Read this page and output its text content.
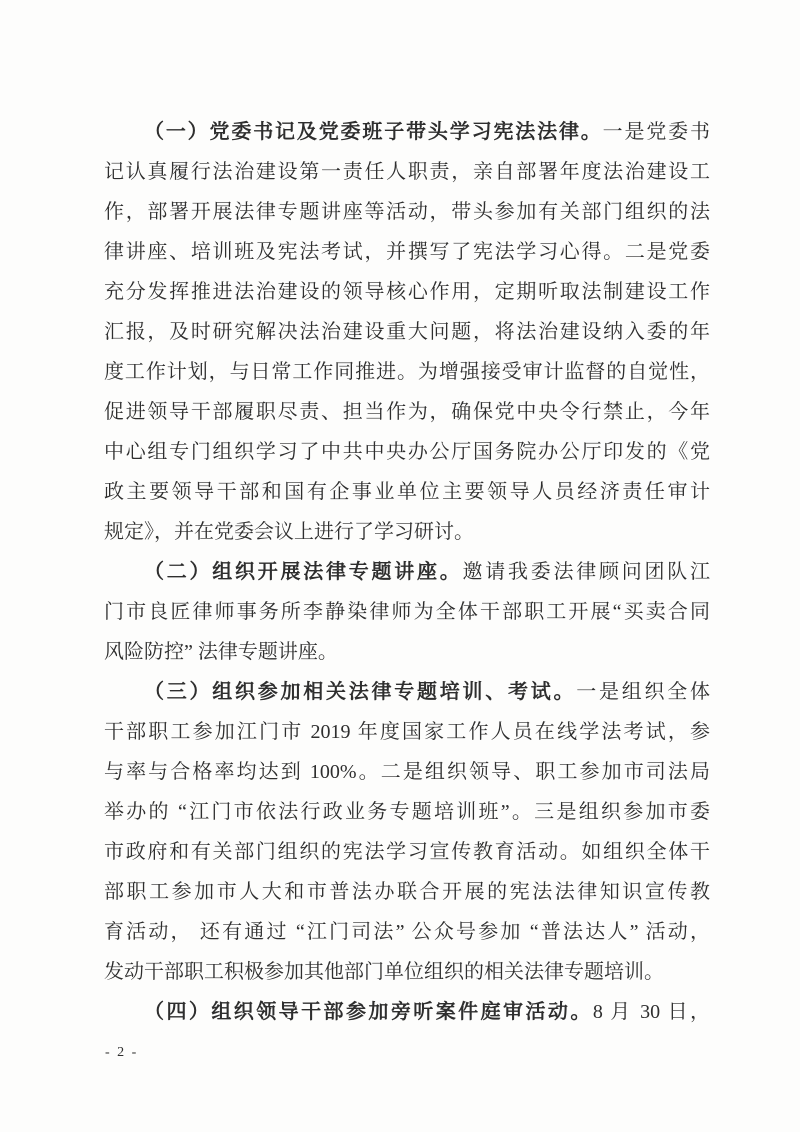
（一）党委书记及党委班子带头学习宪法法律。一是党委书
记认真履行法治建设第一责任人职责，亲自部署年度法治建设工
作，部署开展法律专题讲座等活动，带头参加有关部门组织的法
律讲座、培训班及宪法考试，并撰写了宪法学习心得。二是党委
充分发挥推进法治建设的领导核心作用，定期听取法制建设工作
汇报，及时研究解决法治建设重大问题，将法治建设纳入委的年
度工作计划，与日常工作同推进。为增强接受审计监督的自觉性，
促进领导干部履职尽责、担当作为，确保党中央令行禁止，今年
中心组专门组织学习了中共中央办公厅国务院办公厅印发的《党
政主要领导干部和国有企事业单位主要领导人员经济责任审计
规定》，并在党委会议上进行了学习研讨。
（二）组织开展法律专题讲座。邀请我委法律顾问团队江
门市良匠律师事务所李静染律师为全体干部职工开展“买卖合同
风险防控” 法律专题讲座。
（三）组织参加相关法律专题培训、考试。一是组织全体
干部职工参加江门市 2019 年度国家工作人员在线学法考试，参
与率与合格率均达到 100%。二是组织领导、职工参加市司法局
举办的 “江门市依法行政业务专题培训班”。三是组织参加市委
市政府和有关部门组织的宪法学习宣传教育活动。如组织全体干
部职工参加市人大和市普法办联合开展的宪法法律知识宣传教
育活动， 还有通过 “江门司法” 公众号参加 “普法达人” 活动，
发动干部职工积极参加其他部门单位组织的相关法律专题培训。
（四）组织领导干部参加旁听案件庭审活动。8 月 30 日，
- 2 -
